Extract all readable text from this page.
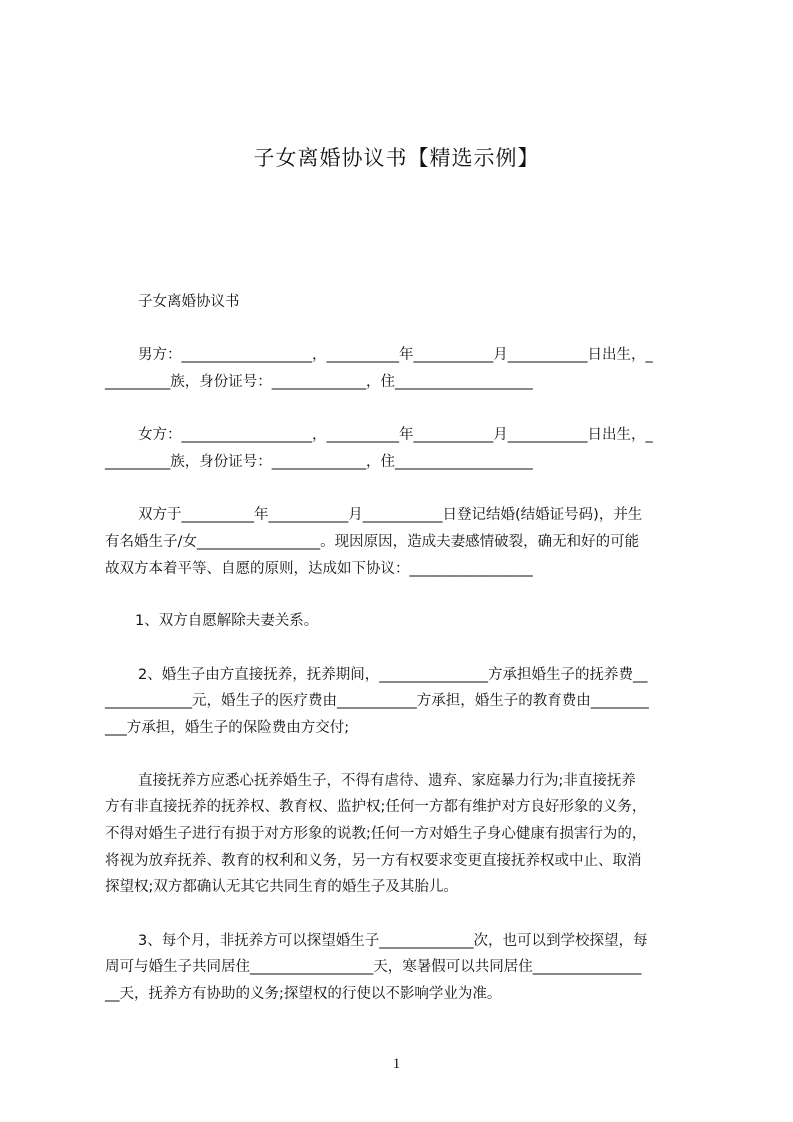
子女离婚协议书【精选示例】
子女离婚协议书
男方：__________________，__________年___________月___________日出生，_
_________族，身份证号：_____________，住___________________
女方：__________________，__________年___________月___________日出生，_
_________族，身份证号：_____________，住___________________
双方于__________年___________月___________日登记结婚(结婚证号码)，并生
有名婚生子/女_________________。现因原因，造成夫妻感情破裂，确无和好的可能
故双方本着平等、自愿的原则，达成如下协议：_________________
1、双方自愿解除夫妻关系。
2、婚生子由方直接抚养，抚养期间，_______________方承担婚生子的抚养费__
____________元，婚生子的医疗费由___________方承担，婚生子的教育费由________
___方承担，婚生子的保险费由方交付;
直接抚养方应悉心抚养婚生子，不得有虐待、遗弃、家庭暴力行为;非直接抚养
方有非直接抚养的抚养权、教育权、监护权;任何一方都有维护对方良好形象的义务，
不得对婚生子进行有损于对方形象的说教;任何一方对婚生子身心健康有损害行为的，
将视为放弃抚养、教育的权利和义务，另一方有权要求变更直接抚养权或中止、取消
探望权;双方都确认无其它共同生育的婚生子及其胎儿。
3、每个月，非抚养方可以探望婚生子_____________次，也可以到学校探望，每
周可与婚生子共同居住_________________天，寒暑假可以共同居住_______________
__天，抚养方有协助的义务;探望权的行使以不影响学业为准。
1
